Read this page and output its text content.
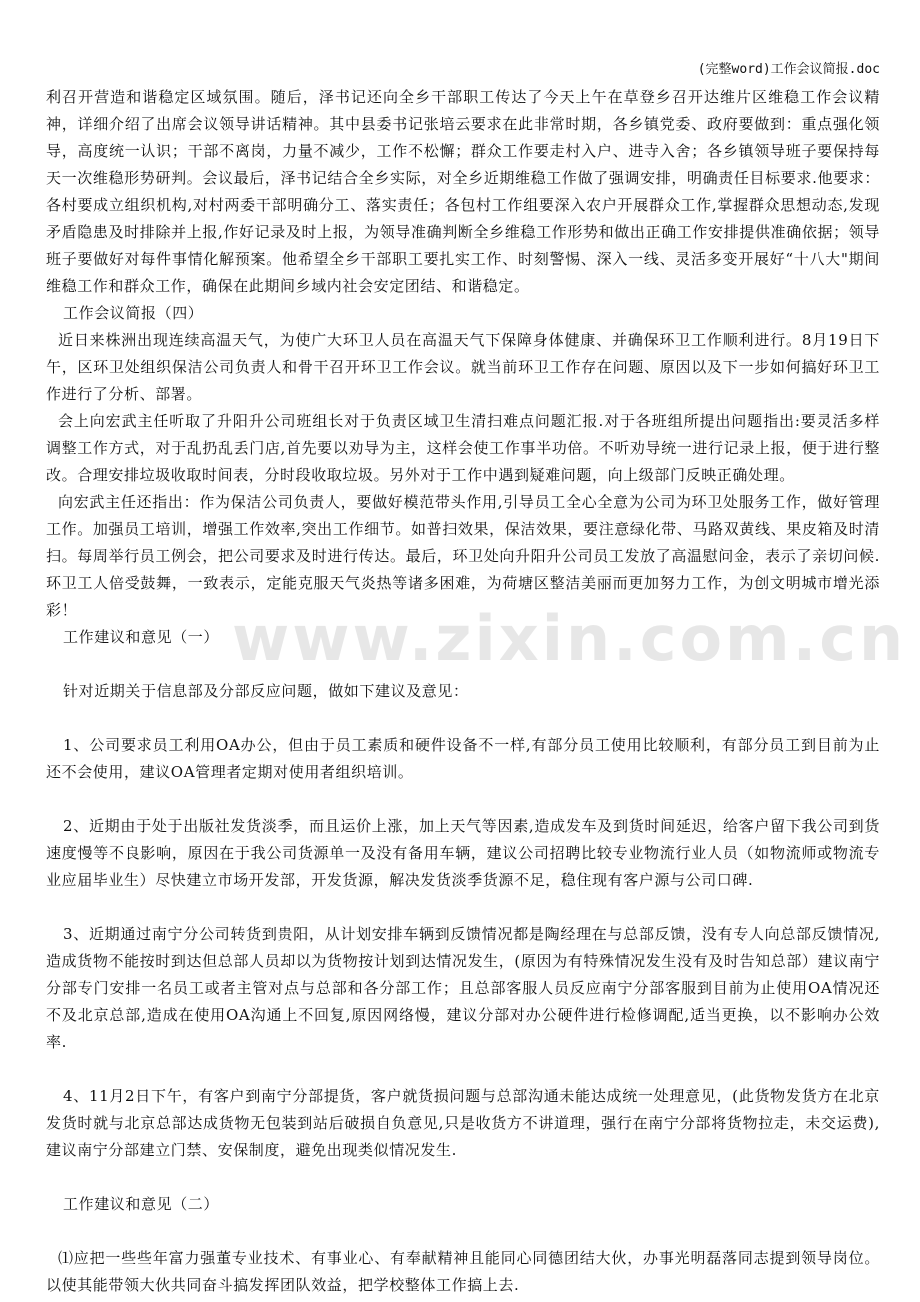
(完整word)工作会议简报.doc

利召开营造和谐稳定区域氛围。随后，泽书记还向全乡干部职工传达了今天上午在草登乡召开达维片区维稳工作会议精神，详细介绍了出席会议领导讲话精神。其中县委书记张培云要求在此非常时期，各乡镇党委、政府要做到：重点强化领导，高度统一认识；干部不离岗，力量不减少，工作不松懈；群众工作要走村入户、进寺入舍；各乡镇领导班子要保持每天一次维稳形势研判。会议最后，泽书记结合全乡实际，对全乡近期维稳工作做了强调安排，明确责任目标要求.他要求：各村要成立组织机构,对村两委干部明确分工、落实责任；各包村工作组要深入农户开展群众工作,掌握群众思想动态,发现矛盾隐患及时排除并上报,作好记录及时上报，为领导准确判断全乡维稳工作形势和做出正确工作安排提供准确依据；领导班子要做好对每件事情化解预案。他希望全乡干部职工要扎实工作、时刻警惕、深入一线、灵活多变开展好“十八大"期间维稳工作和群众工作，确保在此期间乡域内社会安定团结、和谐稳定。

工作会议简报（四）

近日来株洲出现连续高温天气，为使广大环卫人员在高温天气下保障身体健康、并确保环卫工作顺利进行。8月19日下午，区环卫处组织保洁公司负责人和骨干召开环卫工作会议。就当前环卫工作存在问题、原因以及下一步如何搞好环卫工作进行了分析、部署。

会上向宏武主任听取了升阳升公司班组长对于负责区域卫生清扫难点问题汇报.对于各班组所提出问题指出:要灵活多样调整工作方式，对于乱扔乱丢门店,首先要以劝导为主，这样会使工作事半功倍。不听劝导统一进行记录上报，便于进行整改。合理安排垃圾收取时间表，分时段收取垃圾。另外对于工作中遇到疑难问题，向上级部门反映正确处理。

向宏武主任还指出：作为保洁公司负责人，要做好模范带头作用,引导员工全心全意为公司为环卫处服务工作，做好管理工作。加强员工培训，增强工作效率,突出工作细节。如普扫效果，保洁效果，要注意绿化带、马路双黄线、果皮箱及时清扫。每周举行员工例会，把公司要求及时进行传达。最后，环卫处向升阳升公司员工发放了高温慰问金，表示了亲切问候.环卫工人倍受鼓舞，一致表示，定能克服天气炎热等诸多困难，为荷塘区整洁美丽而更加努力工作，为创文明城市增光添彩！

工作建议和意见（一）

针对近期关于信息部及分部反应问题，做如下建议及意见：

1、公司要求员工利用OA办公，但由于员工素质和硬件设备不一样,有部分员工使用比较顺利，有部分员工到目前为止还不会使用，建议OA管理者定期对使用者组织培训。

2、近期由于处于出版社发货淡季，而且运价上涨，加上天气等因素,造成发车及到货时间延迟，给客户留下我公司到货速度慢等不良影响，原因在于我公司货源单一及没有备用车辆，建议公司招聘比较专业物流行业人员（如物流师或物流专业应届毕业生）尽快建立市场开发部，开发货源，解决发货淡季货源不足，稳住现有客户源与公司口碑.

3、近期通过南宁分公司转货到贵阳，从计划安排车辆到反馈情况都是陶经理在与总部反馈，没有专人向总部反馈情况,造成货物不能按时到达但总部人员却以为货物按计划到达情况发生，(原因为有特殊情况发生没有及时告知总部）建议南宁分部专门安排一名员工或者主管对点与总部和各分部工作；且总部客服人员反应南宁分部客服到目前为止使用OA情况还不及北京总部,造成在使用OA沟通上不回复,原因网络慢，建议分部对办公硬件进行检修调配,适当更换，以不影响办公效率.

4、11月2日下午，有客户到南宁分部提货，客户就货损问题与总部沟通未能达成统一处理意见，(此货物发货方在北京发货时就与北京总部达成货物无包装到站后破损自负意见,只是收货方不讲道理，强行在南宁分部将货物拉走，未交运费),建议南宁分部建立门禁、安保制度，避免出现类似情况发生.

工作建议和意见（二）

⑴应把一些些年富力强董专业技术、有事业心、有奉献精神且能同心同德团结大伙，办事光明磊落同志提到领导岗位。以使其能带领大伙共同奋斗搞发挥团队效益，把学校整体工作搞上去.

www.zixin.com.cn
